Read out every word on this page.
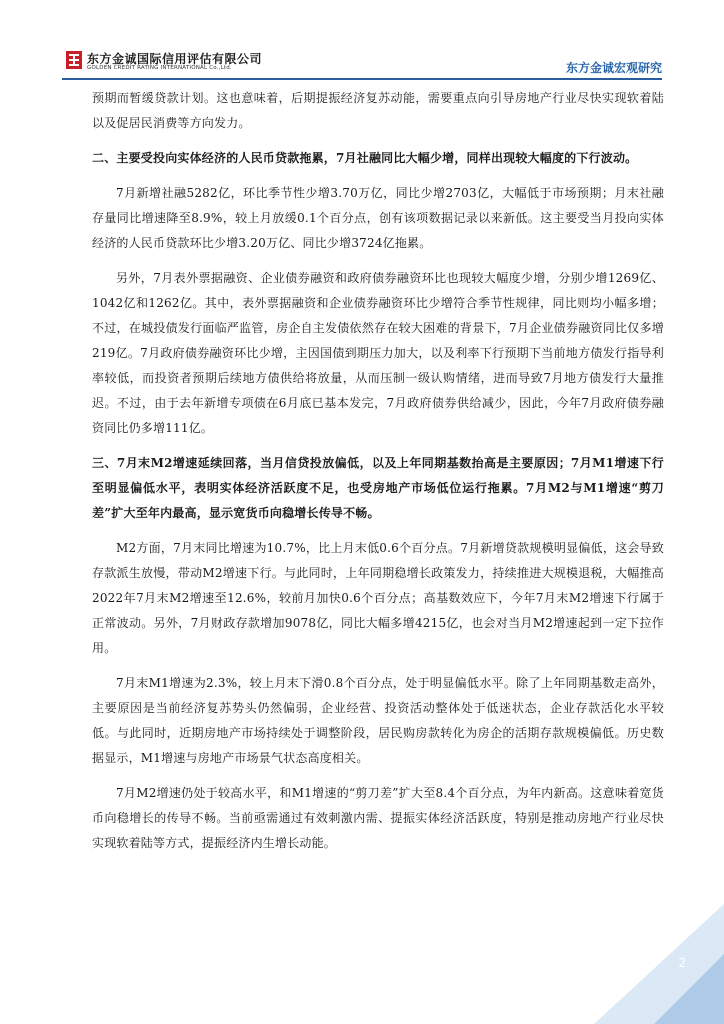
东方金诚国际信用评估有限公司
GOLDEN CREDIT RATING INTERNATIONAL Co.,Ltd.	东方金诚宏观研究

预期而暂缓贷款计划。这也意味着，后期提振经济复苏动能，需要重点向引导房地产行业尽快实现软着陆以及促居民消费等方向发力。

二、主要受投向实体经济的人民币贷款拖累，7月社融同比大幅少增，同样出现较大幅度的下行波动。

7月新增社融5282亿，环比季节性少增3.70万亿，同比少增2703亿，大幅低于市场预期；月末社融存量同比增速降至8.9%，较上月放缓0.1个百分点，创有该项数据记录以来新低。这主要受当月投向实体经济的人民币贷款环比少增3.20万亿、同比少增3724亿拖累。

另外，7月表外票据融资、企业债券融资和政府债券融资环比也现较大幅度少增，分别少增1269亿、1042亿和1262亿。其中，表外票据融资和企业债券融资环比少增符合季节性规律，同比则均小幅多增；不过，在城投债发行面临严监管，房企自主发债依然存在较大困难的背景下，7月企业债券融资同比仅多增219亿。7月政府债券融资环比少增，主因国债到期压力加大，以及利率下行预期下当前地方债发行指导利率较低，而投资者预期后续地方债供给将放量，从而压制一级认购情绪，进而导致7月地方债发行大量推迟。不过，由于去年新增专项债在6月底已基本发完，7月政府债券供给减少，因此，今年7月政府债券融资同比仍多增111亿。

三、7月末M2增速延续回落，当月信贷投放偏低，以及上年同期基数抬高是主要原因；7月M1增速下行至明显偏低水平，表明实体经济活跃度不足，也受房地产市场低位运行拖累。7月M2与M1增速“剪刀差”扩大至年内最高，显示宽货币向稳增长传导不畅。

M2方面，7月末同比增速为10.7%，比上月末低0.6个百分点。7月新增贷款规模明显偏低，这会导致存款派生放慢，带动M2增速下行。与此同时，上年同期稳增长政策发力，持续推进大规模退税，大幅推高2022年7月末M2增速至12.6%，较前月加快0.6个百分点；高基数效应下，今年7月末M2增速下行属于正常波动。另外，7月财政存款增加9078亿，同比大幅多增4215亿，也会对当月M2增速起到一定下拉作用。

7月末M1增速为2.3%，较上月末下滑0.8个百分点，处于明显偏低水平。除了上年同期基数走高外，主要原因是当前经济复苏势头仍然偏弱，企业经营、投资活动整体处于低迷状态，企业存款活化水平较低。与此同时，近期房地产市场持续处于调整阶段，居民购房款转化为房企的活期存款规模偏低。历史数据显示，M1增速与房地产市场景气状态高度相关。

7月M2增速仍处于较高水平，和M1增速的“剪刀差”扩大至8.4个百分点，为年内新高。这意味着宽货币向稳增长的传导不畅。当前亟需通过有效刺激内需、提振实体经济活跃度，特别是推动房地产行业尽快实现软着陆等方式，提振经济内生增长动能。

2
